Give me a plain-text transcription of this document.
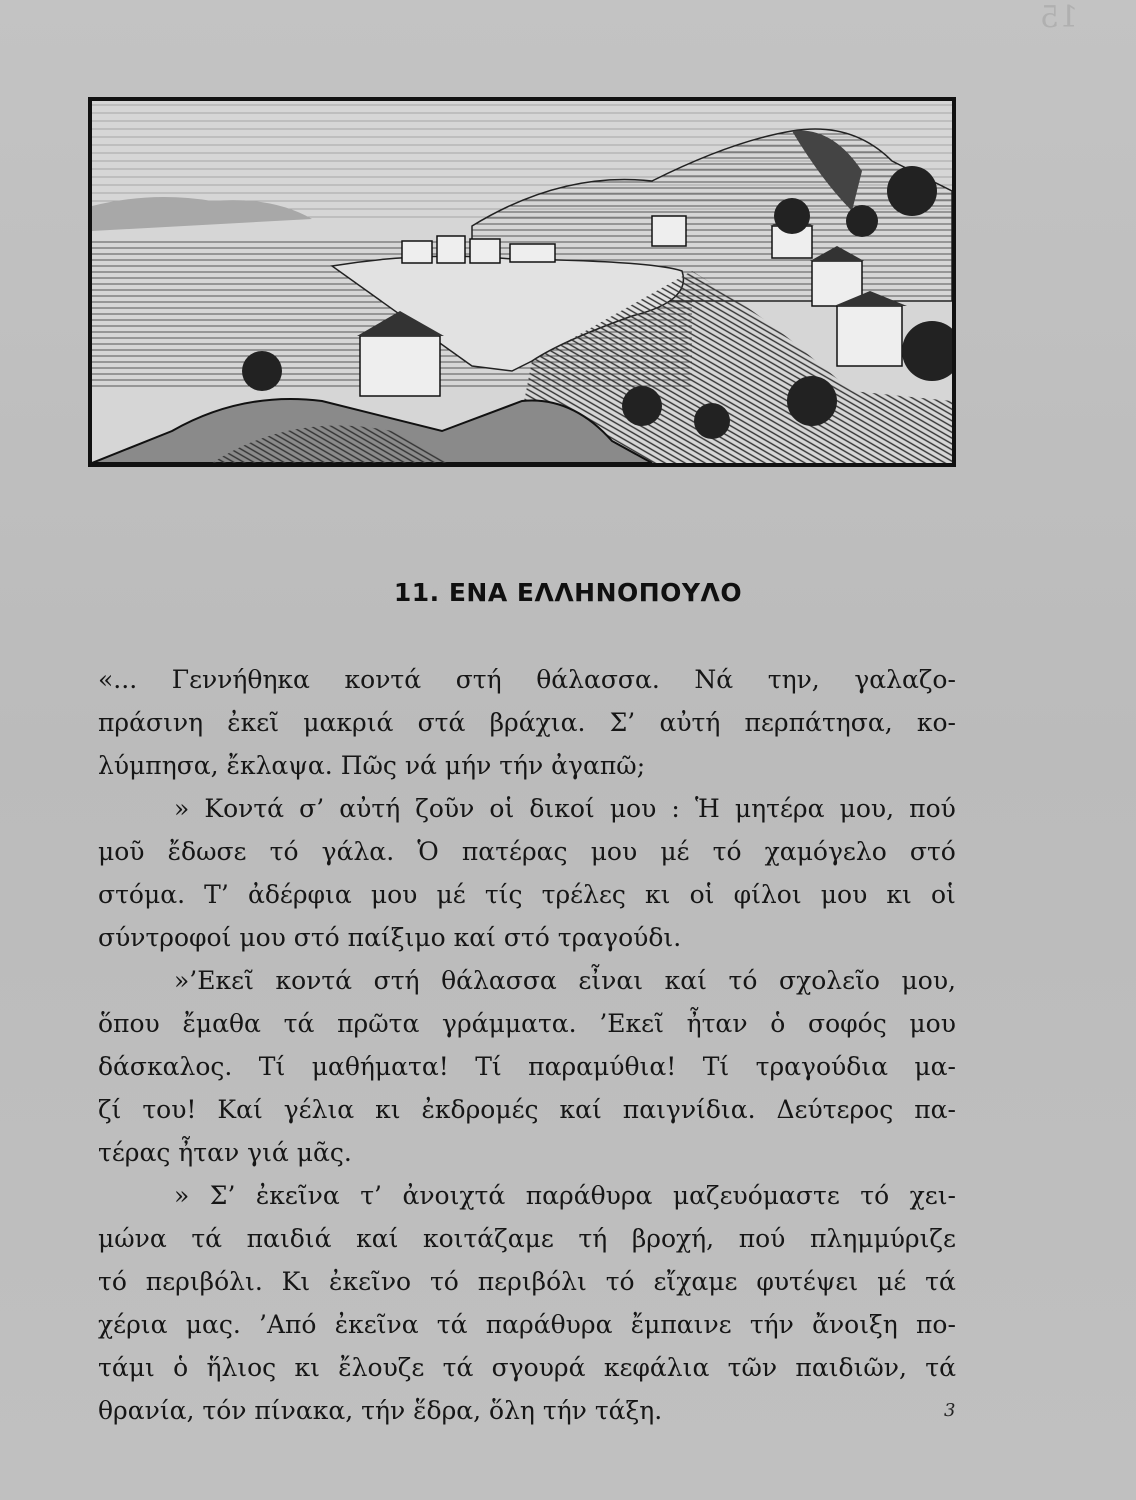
15
11. ΕΝΑ ΕΛΛΗΝΟΠΟΥΛΟ
«... Γεννήθηκα κοντά στή θάλασσα. Νά την, γαλαζο-
πράσινη ἐκεῖ μακριά στά βράχια. Σ’ αὐτή περπάτησα, κο-
λύμπησα, ἔκλαψα. Πῶς νά μήν τήν ἀγαπῶ;
» Κοντά σ’ αὐτή ζοῦν οἱ δικοί μου : Ἡ μητέρα μου, πού
μοῦ ἔδωσε τό γάλα. Ὁ πατέρας μου μέ τό χαμόγελο στό
στόμα. Τ’ ἀδέρφια μου μέ τίς τρέλες κι οἱ φίλοι μου κι οἱ
σύντροφοί μου στό παίξιμο καί στό τραγούδι.
»’Εκεῖ κοντά στή θάλασσα εἶναι καί τό σχολεῖο μου,
ὅπου ἔμαθα τά πρῶτα γράμματα. ’Εκεῖ ἦταν ὁ σοφός μου
δάσκαλος. Τί μαθήματα! Τί παραμύθια! Τί τραγούδια μα-
ζί του! Καί γέλια κι ἐκδρομές καί παιγνίδια. Δεύτερος πα-
τέρας ἦταν γιά μᾶς.
» Σ’ ἐκεῖνα τ’ ἀνοιχτά παράθυρα μαζευόμαστε τό χει-
μώνα τά παιδιά καί κοιτάζαμε τή βροχή, πού πλημμύριζε
τό περιβόλι. Κι ἐκεῖνο τό περιβόλι τό εἴχαμε φυτέψει μέ τά
χέρια μας. ’Από ἐκεῖνα τά παράθυρα ἔμπαινε τήν ἄνοιξη πο-
τάμι ὁ ἥλιος κι ἔλουζε τά σγουρά κεφάλια τῶν παιδιῶν, τά
θρανία, τόν πίνακα, τήν ἕδρα, ὅλη τήν τάξη.	3
